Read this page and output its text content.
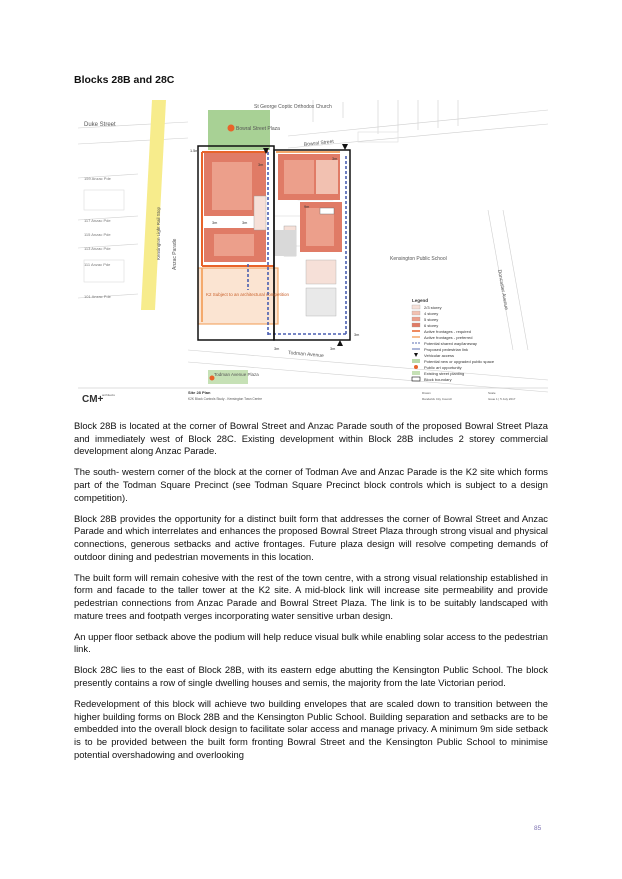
Blocks 28B and 28C
St George Coptic Orthodox Church
Bowral Street Plaza
Bowral Street
Duke Street
Anzac Parade
Kensington Light Rail Stop
Todman Avenue
Todman Avenue Plaza
Kensington Public School
Doncaster Avenue
K2 Subject to an architectural competition
159 Anzac Pde
117 Anzac Pde
115 Anzac Pde
113 Anzac Pde
111 Anzac Pde
101 Anzac Pde
1.5m
3m
3m
9m
3m	3m
3m
3m
3m
Legend
2/3 storey
4 storey
5 storey
6 storey
Active frontages - required
Active frontages - preferred
Potential shared way/laneway
Proposed pedestrian link
Vehicular access
Potential new or upgraded public space
Public art opportunity
Existing street planting
Block boundary
CM+
architects	Site 28 Plan
K2K Block Controls Study - Kensington Town Centre
Drawn
Randwick City Council
Scale
Issue 1 | 5 July 2017

Block 28B is located at the corner of Bowral Street and Anzac Parade south of the proposed Bowral Street Plaza and immediately west of Block 28C. Existing development within Block 28B includes 2 storey commercial development along Anzac Parade.

The south- western corner of the block at the corner of Todman Ave and Anzac Parade is the K2 site which forms part of the Todman Square Precinct (see Todman Square Precinct block controls which is subject to a design competition).

Block 28B provides the opportunity for a distinct built form that addresses the corner of Bowral Street and Anzac Parade and which interrelates and enhances the proposed Bowral Street Plaza through strong visual and physical connections, generous setbacks and active frontages. Future plaza design will resolve competing demands of outdoor dining and pedestrian movements in this location.

The built form will remain cohesive with the rest of the town centre, with a strong visual relationship established in form and facade to the taller tower at the K2 site. A mid-block link will increase site permeability and provide pedestrian connections from Anzac Parade and Bowral Street Plaza. The link is to be suitably landscaped with mature trees and footpath verges incorporating water sensitive urban design.

An upper floor setback above the podium will help reduce visual bulk while enabling solar access to the pedestrian link.

Block 28C lies to the east of Block 28B, with its eastern edge abutting the Kensington Public School. The block presently contains a row of single dwelling houses and semis, the majority from the late Victorian period.

Redevelopment of this block will achieve two building envelopes that are scaled down to transition between the higher building forms on Block 28B and the Kensington Public School. Building separation and setbacks are to be embedded into the overall block design to facilitate solar access and manage privacy. A minimum 9m side setback is to be provided between the built form fronting Bowral Street and the Kensington Public School to minimise potential overshadowing and overlooking

85
